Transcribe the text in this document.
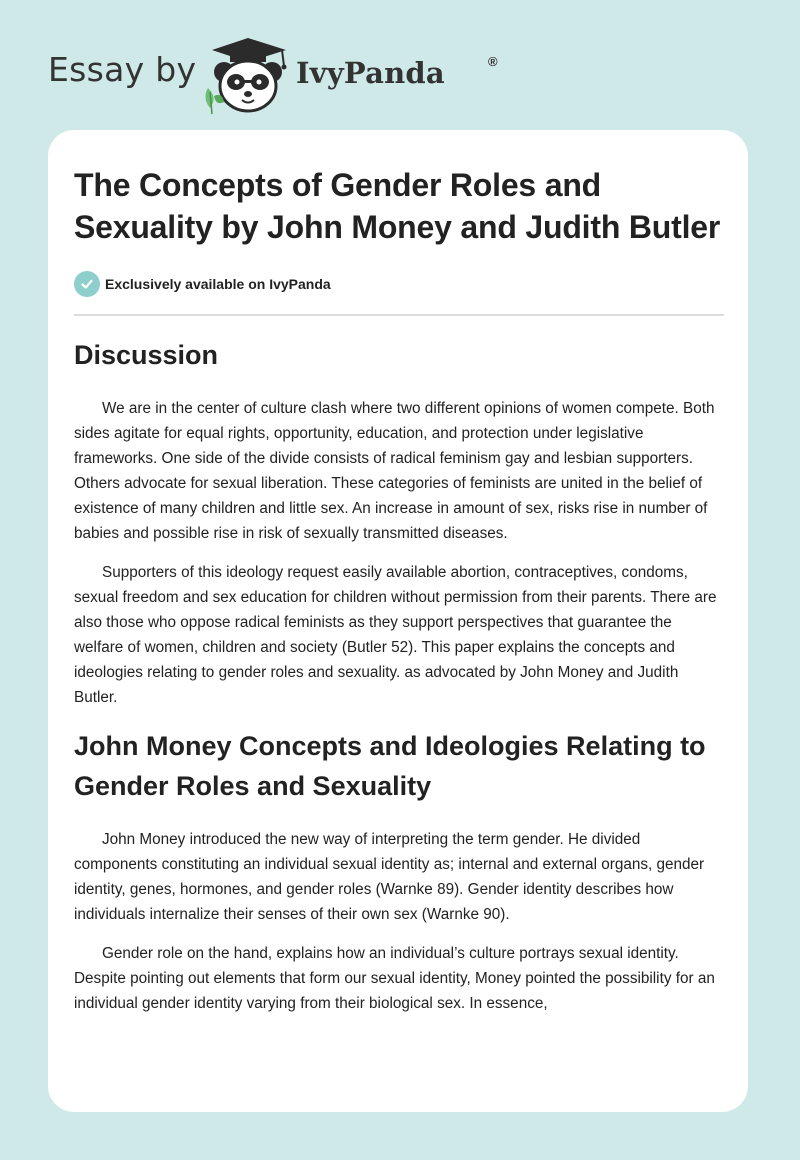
Essay by	IvyPanda	®
The Concepts of Gender Roles and Sexuality by John Money and Judith Butler
Exclusively available on IvyPanda
Discussion

We are in the center of culture clash where two different opinions of women compete. Both sides agitate for equal rights, opportunity, education, and protection under legislative frameworks. One side of the divide consists of radical feminism gay and lesbian supporters. Others advocate for sexual liberation. These categories of feminists are united in the belief of existence of many children and little sex. An increase in amount of sex, risks rise in number of babies and possible rise in risk of sexually transmitted diseases.

Supporters of this ideology request easily available abortion, contraceptives, condoms, sexual freedom and sex education for children without permission from their parents. There are also those who oppose radical feminists as they support perspectives that guarantee the welfare of women, children and society (Butler 52). This paper explains the concepts and ideologies relating to gender roles and sexuality. as advocated by John Money and Judith Butler.

John Money Concepts and Ideologies Relating to Gender Roles and Sexuality

John Money introduced the new way of interpreting the term gender. He divided components constituting an individual sexual identity as; internal and external organs, gender identity, genes, hormones, and gender roles (Warnke 89). Gender identity describes how individuals internalize their senses of their own sex (Warnke 90).

Gender role on the hand, explains how an individual’s culture portrays sexual identity. Despite pointing out elements that form our sexual identity, Money pointed the possibility for an individual gender identity varying from their biological sex. In essence,
